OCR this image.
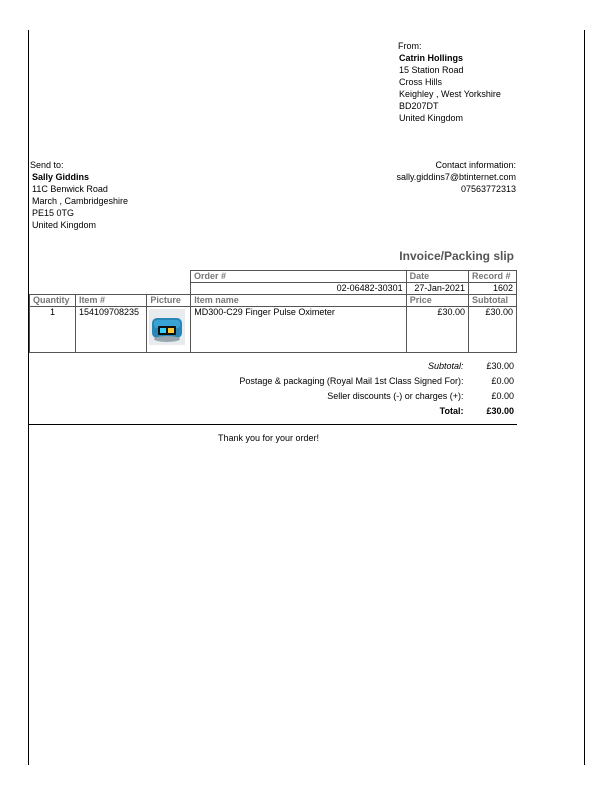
From:
Catrin Hollings
15 Station Road
Cross Hills
Keighley , West Yorkshire
BD207DT
United Kingdom
Send to:
Sally Giddins
11C Benwick Road
March , Cambridgeshire
PE15 0TG
United Kingdom
Contact information:
sally.giddins7@btinternet.com
07563772313
Invoice/Packing slip
Order #	Date	Record #
02-06482-30301	27-Jan-2021	1602
Quantity	Item #	Picture	Item name	Price	Subtotal
1	154109708235		MD300-C29 Finger Pulse Oximeter	£30.00	£30.00
Subtotal:	£30.00
Postage & packaging (Royal Mail 1st Class Signed For):	£0.00
Seller discounts (-) or charges (+):	£0.00
Total:	£30.00
Thank you for your order!
